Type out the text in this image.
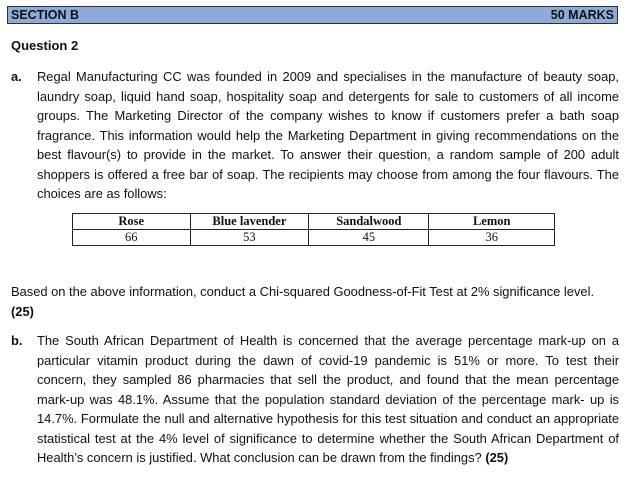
SECTION B	50 MARKS
Question 2
a. Regal Manufacturing CC was founded in 2009 and specialises in the manufacture of beauty soap, laundry soap, liquid hand soap, hospitality soap and detergents for sale to customers of all income groups. The Marketing Director of the company wishes to know if customers prefer a bath soap fragrance. This information would help the Marketing Department in giving recommendations on the best flavour(s) to provide in the market. To answer their question, a random sample of 200 adult shoppers is offered a free bar of soap. The recipients may choose from among the four flavours. The choices are as follows:
Rose	Blue lavender	Sandalwood	Lemon
66	53	45	36
Based on the above information, conduct a Chi-squared Goodness-of-Fit Test at 2% significance level.
(25)
b. The South African Department of Health is concerned that the average percentage mark-up on a particular vitamin product during the dawn of covid-19 pandemic is 51% or more. To test their concern, they sampled 86 pharmacies that sell the product, and found that the mean percentage mark-up was 48.1%. Assume that the population standard deviation of the percentage mark- up is 14.7%. Formulate the null and alternative hypothesis for this test situation and conduct an appropriate statistical test at the 4% level of significance to determine whether the South African Department of Health’s concern is justified. What conclusion can be drawn from the findings? (25)
